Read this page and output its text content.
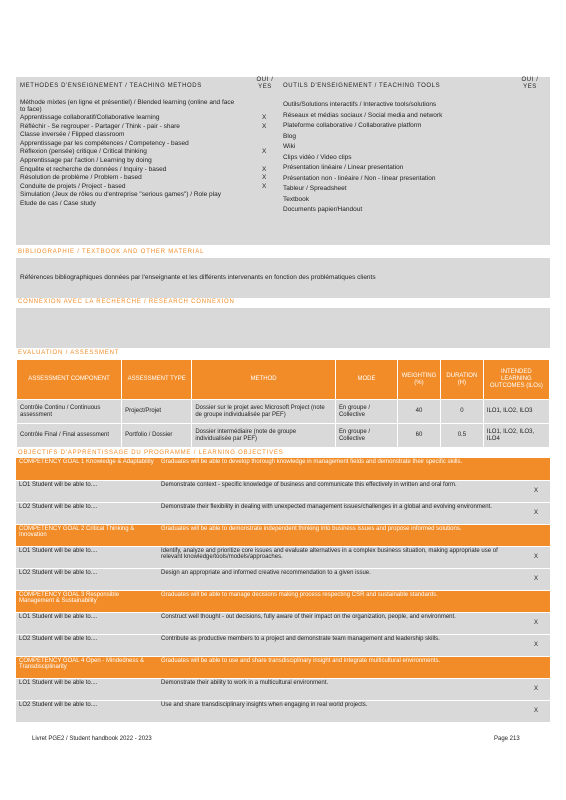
METHODES D'ENSEIGNEMENT / TEACHING METHODS
OUI / YES
Méthode mixtes (en ligne et présentiel) / Blended learning (online and face to face)
Apprentissage collaboratif/Collaborative learning	X
Réfléchir - Se regrouper - Partager / Think - pair - share	X
Classe inversée / Flipped classroom
Apprentissage par les compétences / Competency - based
Réflexion (pensée) critique / Critical thinking	X
Apprentissage par l'action / Learning by doing
Enquête et recherche de données / Inquiry - based	X
Résolution de problème / Problem - based	X
Conduite de projets / Project - based	X
Simulation (Jeux de rôles ou d'entreprise "serious games") / Role play
Etude de cas / Case study
OUTILS D'ENSEIGNEMENT / TEACHING TOOLS
OUI / YES
Outils/Solutions interactifs / Interactive tools/solutions
Réseaux et médias sociaux / Social media and network
Plateforme collaborative / Collaborative platform
Blog
Wiki
Clips vidéo / Video clips
Présentation linéaire / Linear presentation
Présentation non - linéaire / Non - linear presentation
Tableur / Spreadsheet
Textbook
Documents papier/Handout
BIBLIOGRAPHIE / TEXTBOOK AND OTHER MATERIAL
Références bibliographiques données par l'enseignante et les différents intervenants en fonction des problématiques clients
CONNEXION AVEC LA RECHERCHE / RESEARCH CONNEXION
EVALUATION / ASSESSMENT
ASSESSMENT COMPONENT	ASSESSMENT TYPE	METHOD	MODE	WEIGHTING (%)	DURATION (H)	INTENDED LEARNING OUTCOMES (ILOs)
Contrôle Continu / Continuous assessment	Project/Projet	Dossier sur le projet avec Microsoft Project (note de groupe individualisée par PEF)	En groupe / Collective	40	0	ILO1, ILO2, ILO3
Contrôle Final / Final assessment	Portfolio / Dossier	Dossier intermédiaire (note de groupe individualisée par PEF)	En groupe / Collective	60	0.5	ILO1, ILO2, ILO3, ILO4
OBJECTIFS D'APPRENTISSAGE DU PROGRAMME / LEARNING OBJECTIVES
COMPETENCY GOAL 1 Knowledge & Adaptability	Graduates will be able to develop thorough knowledge in management fields and demonstrate their specific skills.	
LO1 Student will be able to....	Demonstrate context - specific knowledge of business and communicate this effectively in written and oral form.	X
LO2 Student will be able to....	Demonstrate their flexibility in dealing with unexpected management issues/challenges in a global and evolving environment.	X
COMPETENCY GOAL 2 Critical Thinking & Innovation	Graduates will be able to demonstrate independent thinking into business issues and propose informed solutions.	
LO1 Student will be able to....	Identify, analyze and prioritize core issues and evaluate alternatives in a complex business situation, making appropriate use of relevant knowledge/tools/models/approaches.	X
LO2 Student will be able to....	Design an appropriate and informed creative recommendation to a given issue.	X
COMPETENCY GOAL 3 Responsible Management & Sustainability	Graduates will be able to manage decisions making process respecting CSR and sustainable standards.	
LO1 Student will be able to....	Construct well thought - out decisions, fully aware of their impact on the organization, people, and environment.	X
LO2 Student will be able to....	Contribute as productive members to a project and demonstrate team management and leadership skills.	X
COMPETENCY GOAL 4 Open - Mindedness & Transdisciplinarity	Graduates will be able to use and share transdisciplinary insight and integrate multicultural environments.	
LO1 Student will be able to....	Demonstrate their ability to work in a multicultural environment.	X
LO2 Student will be able to....	Use and share transdisciplinary insights when engaging in real world projects.	X
Livret PGE2 / Student handbook 2022 - 2023	Page 213
